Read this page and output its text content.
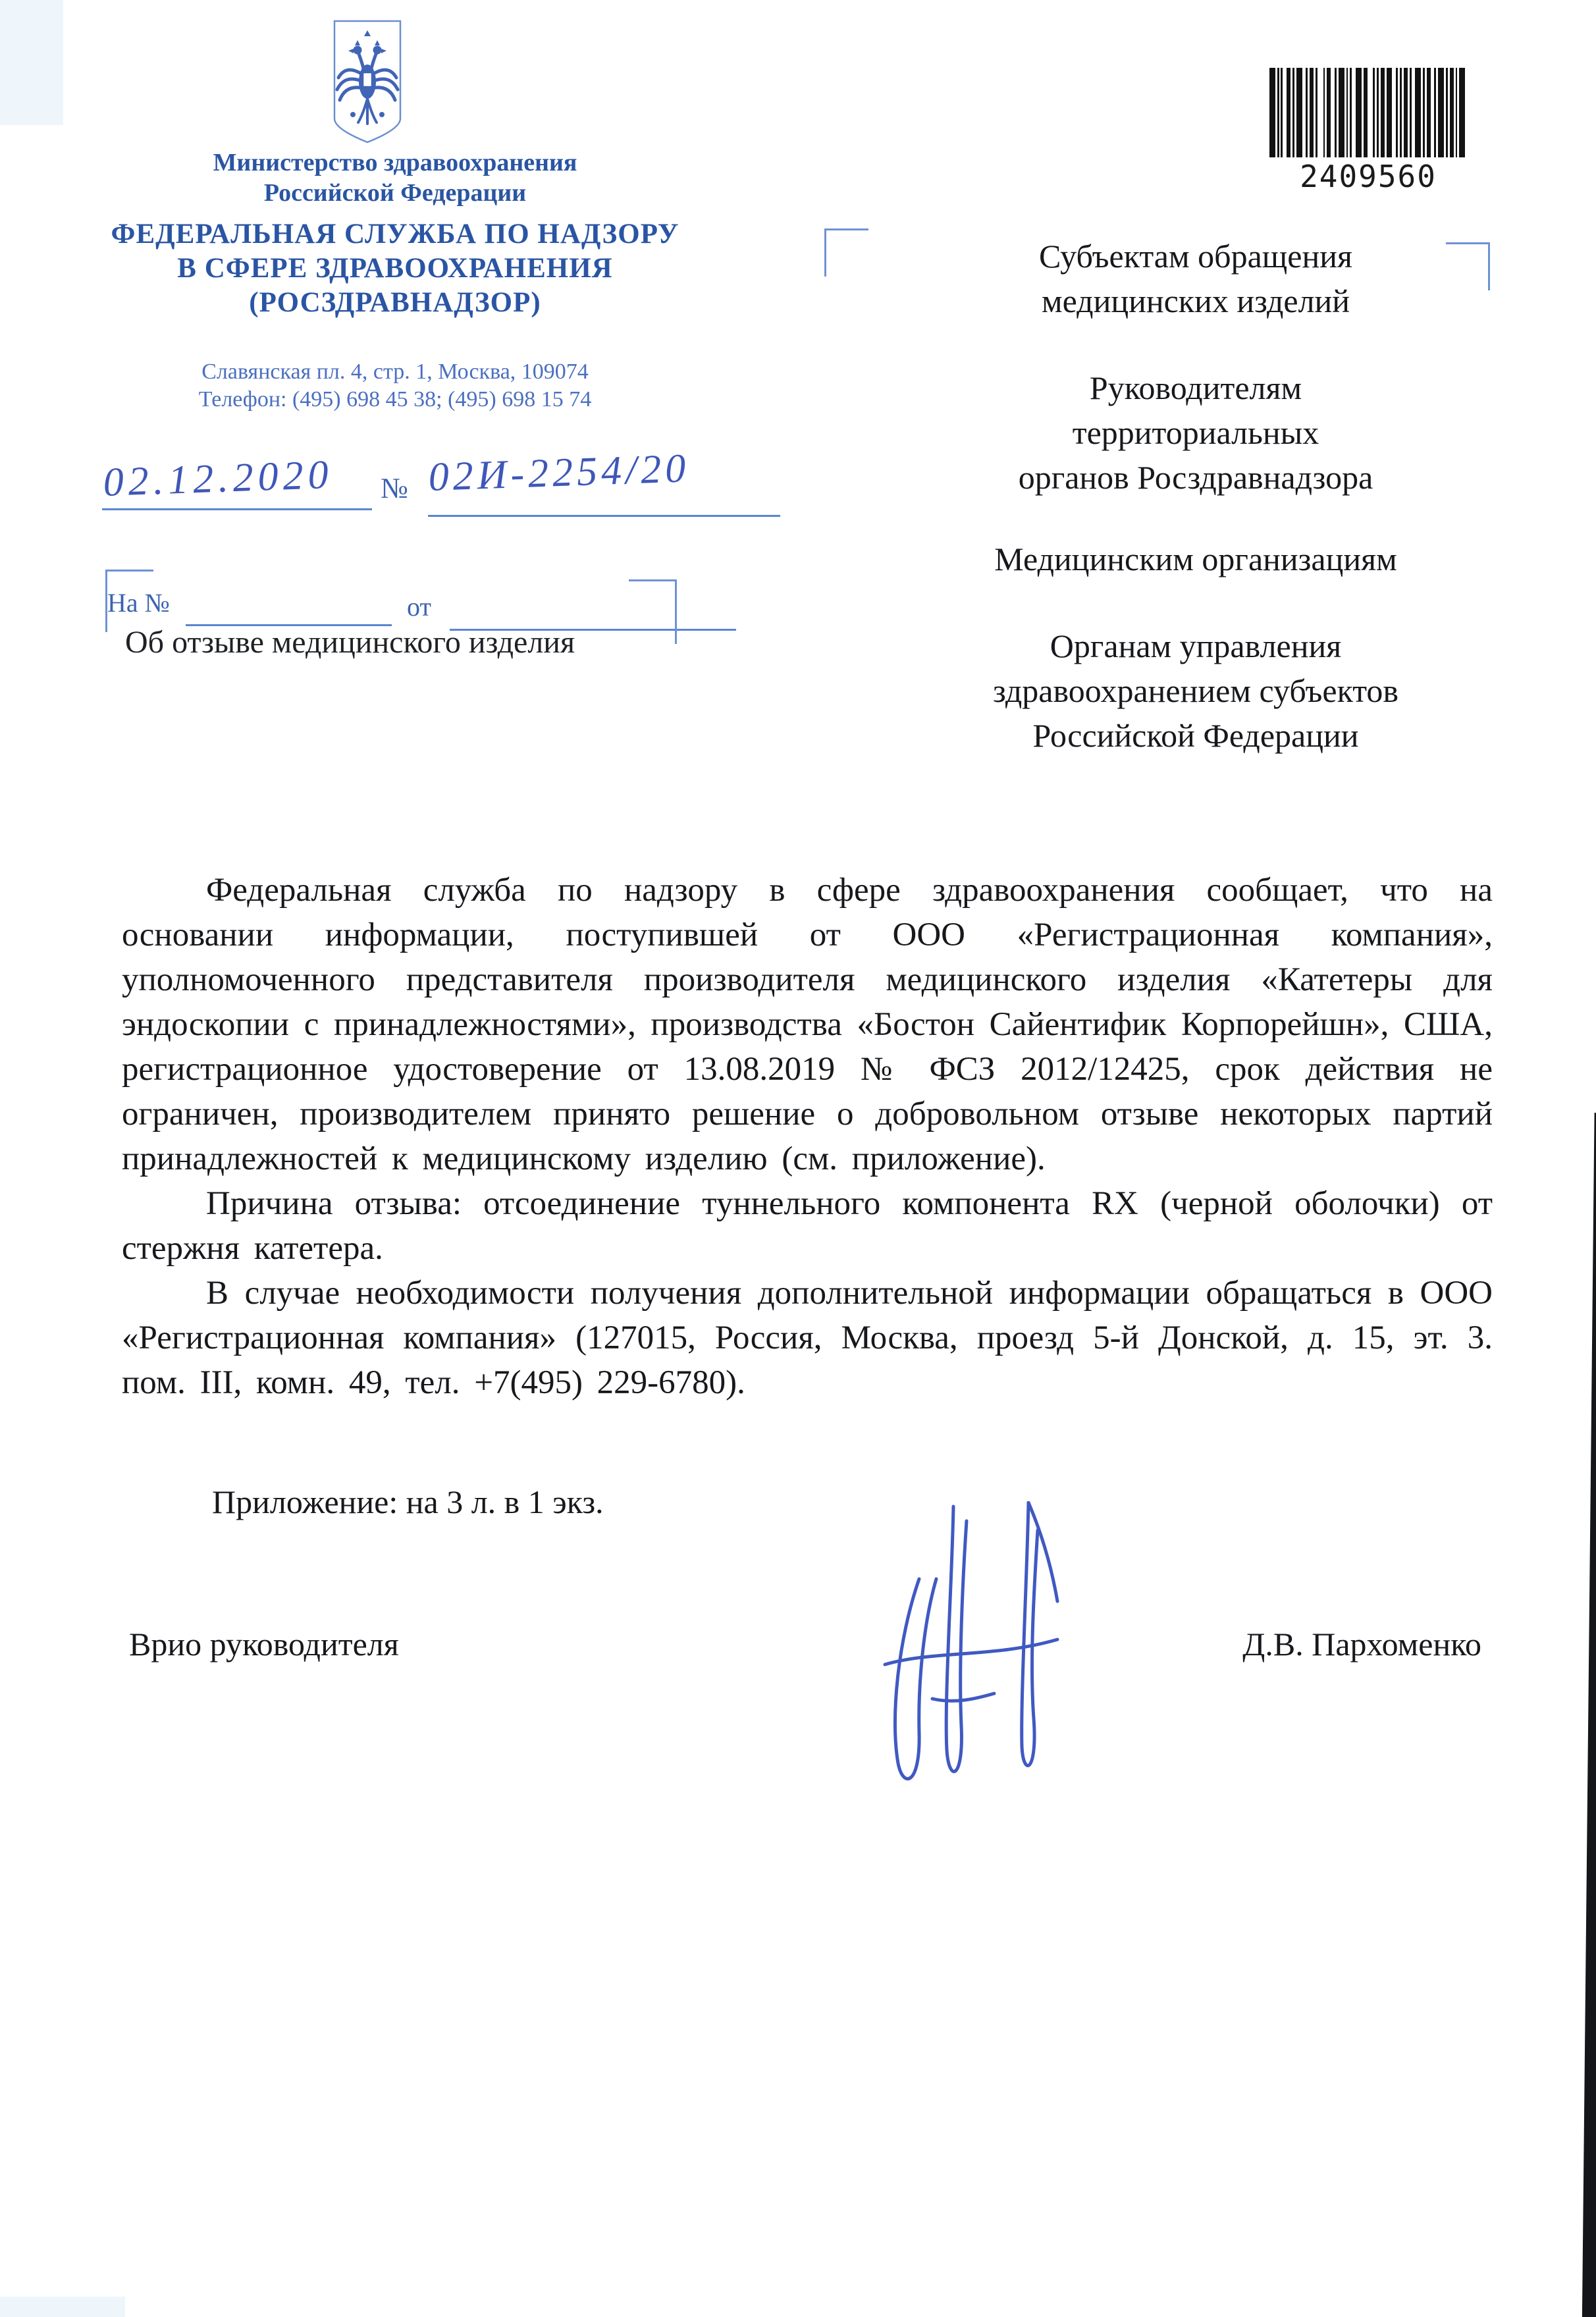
Министерство здравоохранения
Российской Федерации
ФЕДЕРАЛЬНАЯ СЛУЖБА ПО НАДЗОРУ
В СФЕРЕ ЗДРАВООХРАНЕНИЯ
(РОСЗДРАВНАДЗОР)
Славянская пл. 4, стр. 1, Москва, 109074
Телефон: (495) 698 45 38; (495) 698 15 74
02.12.2020 № 02И-2254/20
На №	от
Об отзыве медицинского изделия
2409560
Субъектам обращения
медицинских изделий
Руководителям
территориальных
органов Росздравнадзора
Медицинским организациям
Органам управления
здравоохранением субъектов
Российской Федерации

Федеральная служба по надзору в сфере здравоохранения сообщает, что на основании информации, поступившей от ООО «Регистрационная компания», уполномоченного представителя производителя медицинского изделия «Катетеры для эндоскопии с принадлежностями», производства «Бостон Сайентифик Корпорейшн», США, регистрационное удостоверение от 13.08.2019 № ФСЗ 2012/12425, срок действия не ограничен, производителем принято решение о добровольном отзыве некоторых партий принадлежностей к медицинскому изделию (см. приложение).

Причина отзыва: отсоединение туннельного компонента RX (черной оболочки) от стержня катетера.

В случае необходимости получения дополнительной информации обращаться в ООО «Регистрационная компания» (127015, Россия, Москва, проезд 5-й Донской, д. 15, эт. 3. пом. III, комн. 49, тел. +7(495) 229-6780).

Приложение: на 3 л. в 1 экз.
Врио руководителя	Д.В. Пархоменко
